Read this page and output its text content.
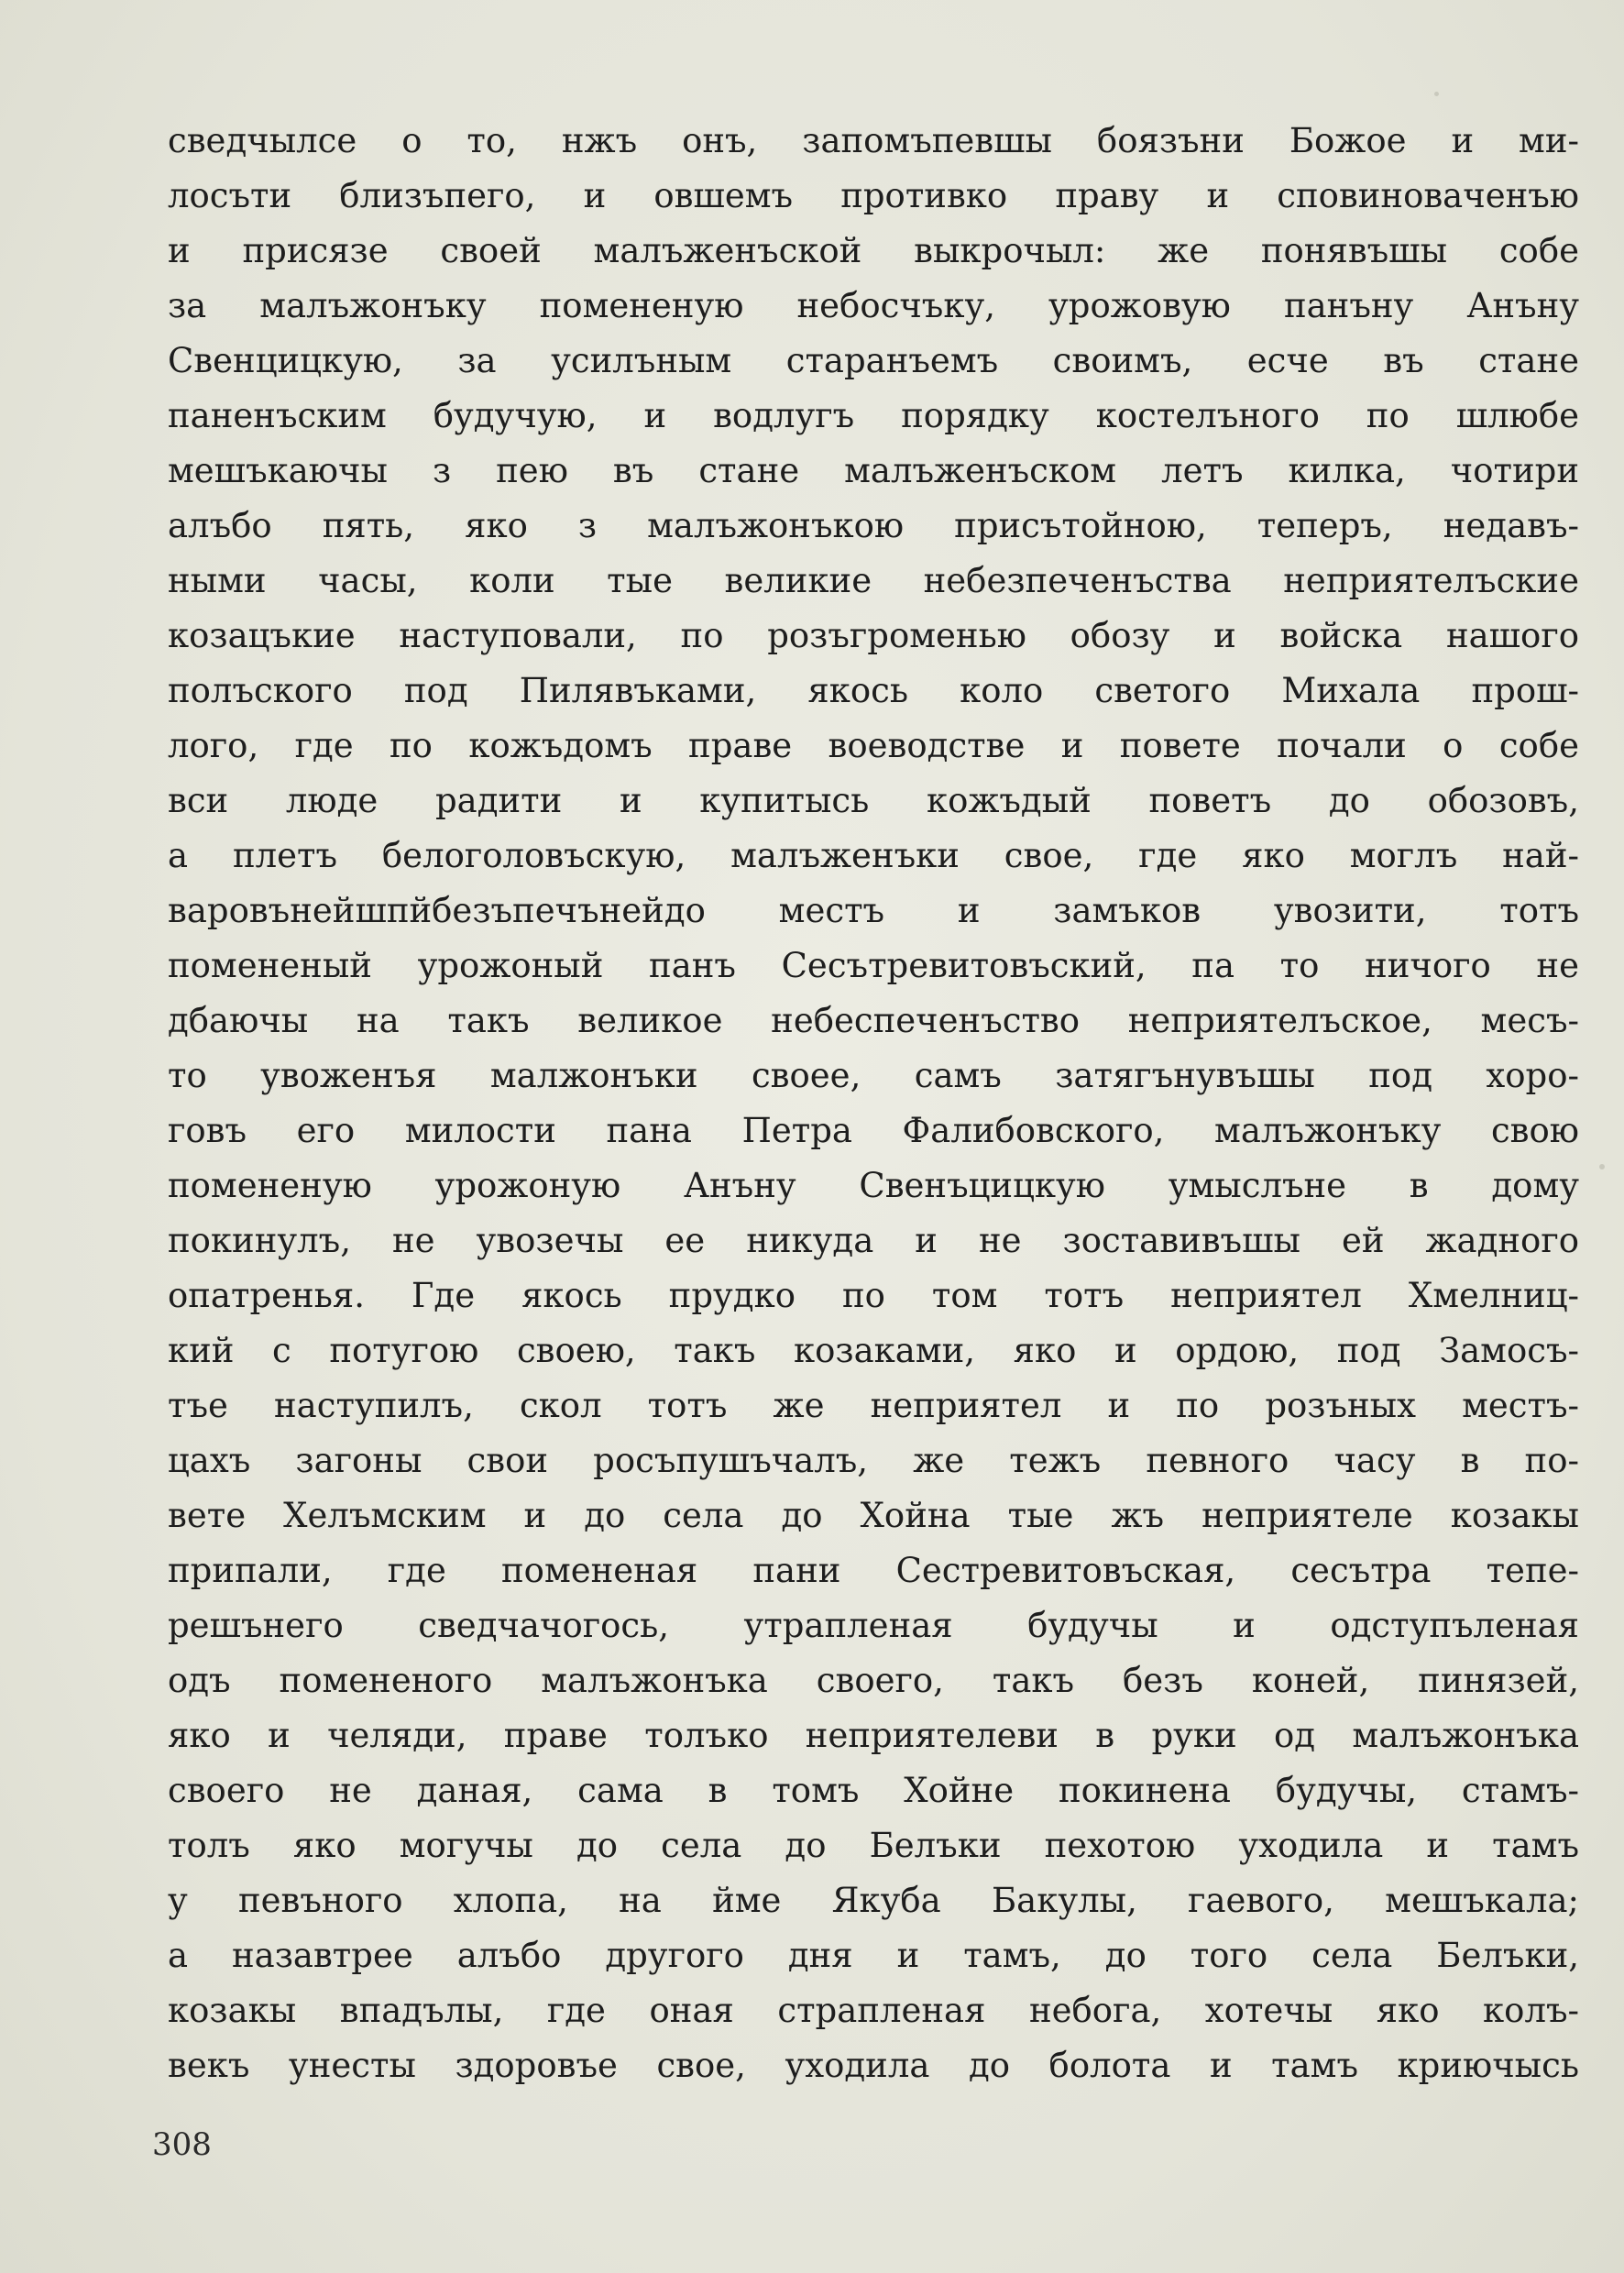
сведчылсе о то, нжъ онъ, запомъпевшы боязъни Божое и ми-
лосъти близъпего, и овшемъ противко праву и сповиноваченъю
и присязе своей малъженъской выкрочыл: же понявъшы собе
за малъжонъку помененую небосчъку, урожовую панъну Анъну
Свенцицкую, за усилъным старанъемъ своимъ, есче въ стане
паненъским будучую, и водлугъ порядку костелъного по шлюбе
мешъкаючы з пею въ стане малъженъском летъ килка, чотири
алъбо пять, яко з малъжонъкою присътойною, теперъ, недавъ-
ными часы, коли тые великие небезпеченъства неприятелъские
козацъкие наступовали, по розъгроменью обозу и войска нашого
полъского под Пилявъками, якось коло светого Михала прош-
лого, где по кожъдомъ праве воеводстве и повете почали о собе
вси люде радити и купитысь кожъдый поветъ до обозовъ,
а плетъ белоголовъскую, малъженъки свое, где яко моглъ най-
варовънейшпйбезъпечънейдо местъ и замъков увозити, тотъ
помененый урожоный панъ Сесътревитовъский, па то ничого не
дбаючы на такъ великое небеспеченъство неприятелъское, месъ-
то увоженъя малжонъки своее, самъ затягънувъшы под хоро-
говъ его милости пана Петра Фалибовского, малъжонъку свою
помененую урожоную Анъну Свенъцицкую умыслъне в дому
покинулъ, не увозечы ее никуда и не зоставивъшы ей жадного
опатренья. Где якось прудко по том тотъ неприятел Хмелниц-
кий с потугою своею, такъ козаками, яко и ордою, под Замосъ-
тъе наступилъ, скол тотъ же неприятел и по розъных местъ-
цахъ загоны свои росъпушъчалъ, же тежъ певного часу в по-
вете Хелъмским и до села до Хойна тые жъ неприятеле козакы
припали, где помененая пани Сестревитовъская, сесътра тепе-
решънего сведчачогось, утрапленая будучы и одступъленая
одъ помененого малъжонъка своего, такъ безъ коней, пинязей,
яко и челяди, праве толъко неприятелеви в руки од малъжонъка
своего не даная, сама в томъ Хойне покинена будучы, стамъ-
толъ яко могучы до села до Белъки пехотою уходила и тамъ
у певъного хлопа, на йме Якуба Бакулы, гаевого, мешъкала;
а назавтрее алъбо другого дня и тамъ, до того села Белъки,
козакы впадълы, где оная страпленая небога, хотечы яко колъ-
векъ унесты здоровъе свое, уходила до болота и тамъ криючысь
308
